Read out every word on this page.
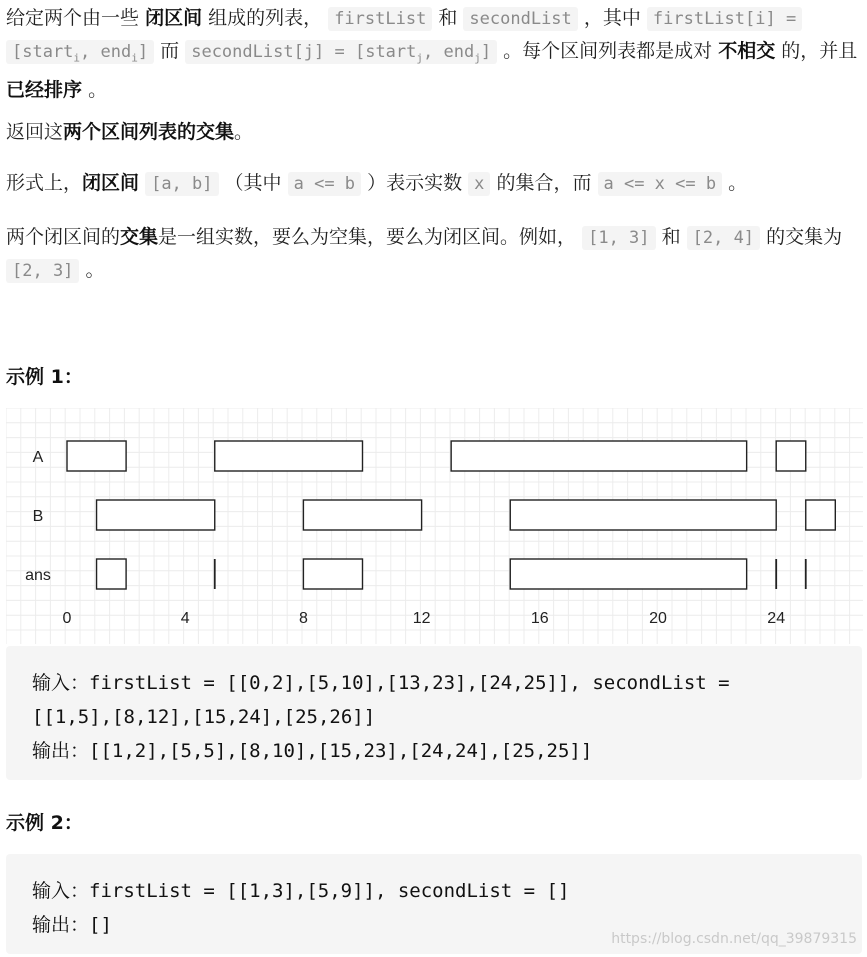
给定两个由一些 闭区间 组成的列表， firstList 和 secondList ，其中 firstList[i] = [start$_i$, end$_i$] 而 secondList[j] = [start$_j$, end$_j$] 。每个区间列表都是成对 不相交 的，并且 已经排序 。
返回这两个区间列表的交集。
形式上，闭区间 [a, b] （其中 a <= b ）表示实数 x 的集合，而 a <= x <= b 。
两个闭区间的交集是一组实数，要么为空集，要么为闭区间。例如， [1, 3] 和 [2, 4] 的交集为 [2, 3] 。
示例 1：
A
B
ans
0	4	8	12	16	20	24
输入：firstList = [[0,2],[5,10],[13,23],[24,25]], secondList =
[[1,5],[8,12],[15,24],[25,26]]
输出：[[1,2],[5,5],[8,10],[15,23],[24,24],[25,25]]
示例 2：
输入：firstList = [[1,3],[5,9]], secondList = []
输出：[]
https://blog.csdn.net/qq_39879315
